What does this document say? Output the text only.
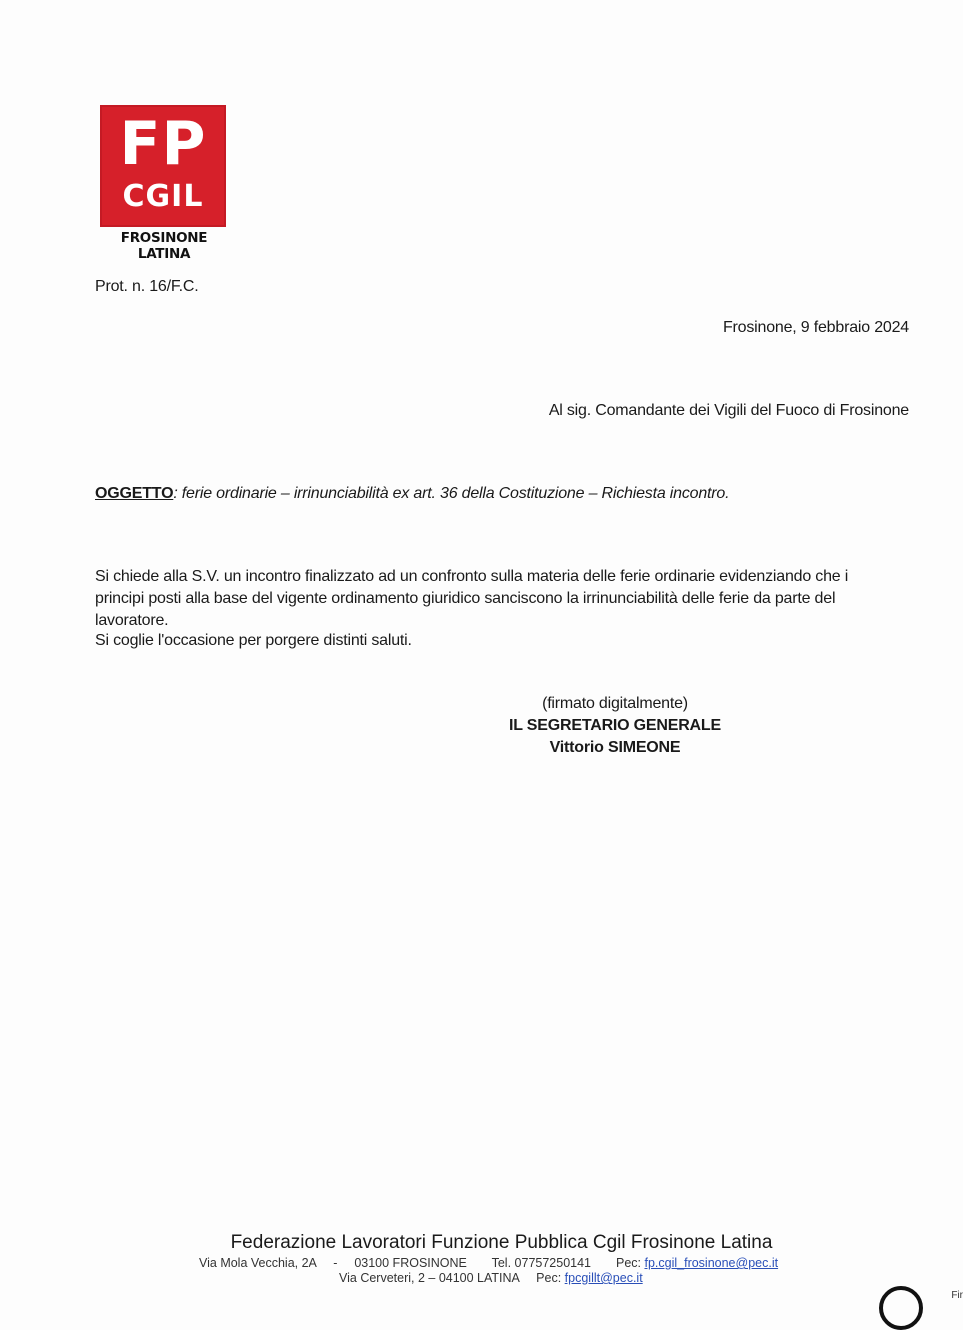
FP
CGIL
FROSINONE LATINA
Prot. n. 16/F.C.
Frosinone, 9 febbraio 2024
Al sig. Comandante dei Vigili del Fuoco di Frosinone
OGGETTO: ferie ordinarie – irrinunciabilità ex art. 36 della Costituzione – Richiesta incontro.
Si chiede alla S.V. un incontro finalizzato ad un confronto sulla materia delle ferie ordinarie evidenziando che i principi posti alla base del vigente ordinamento giuridico sanciscono la irrinunciabilità delle ferie da parte del lavoratore.
Si coglie l'occasione per porgere distinti saluti.
(firmato digitalmente)
IL SEGRETARIO GENERALE
Vittorio SIMEONE
Federazione Lavoratori Funzione Pubblica Cgil Frosinone Latina
Via Mola Vecchia, 2A - 03100 FROSINONE Tel. 07757250141 Pec: fp.cgil_frosinone@pec.it
Via Cerveteri, 2 – 04100 LATINA Pec: fpcgillt@pec.it
Fir
